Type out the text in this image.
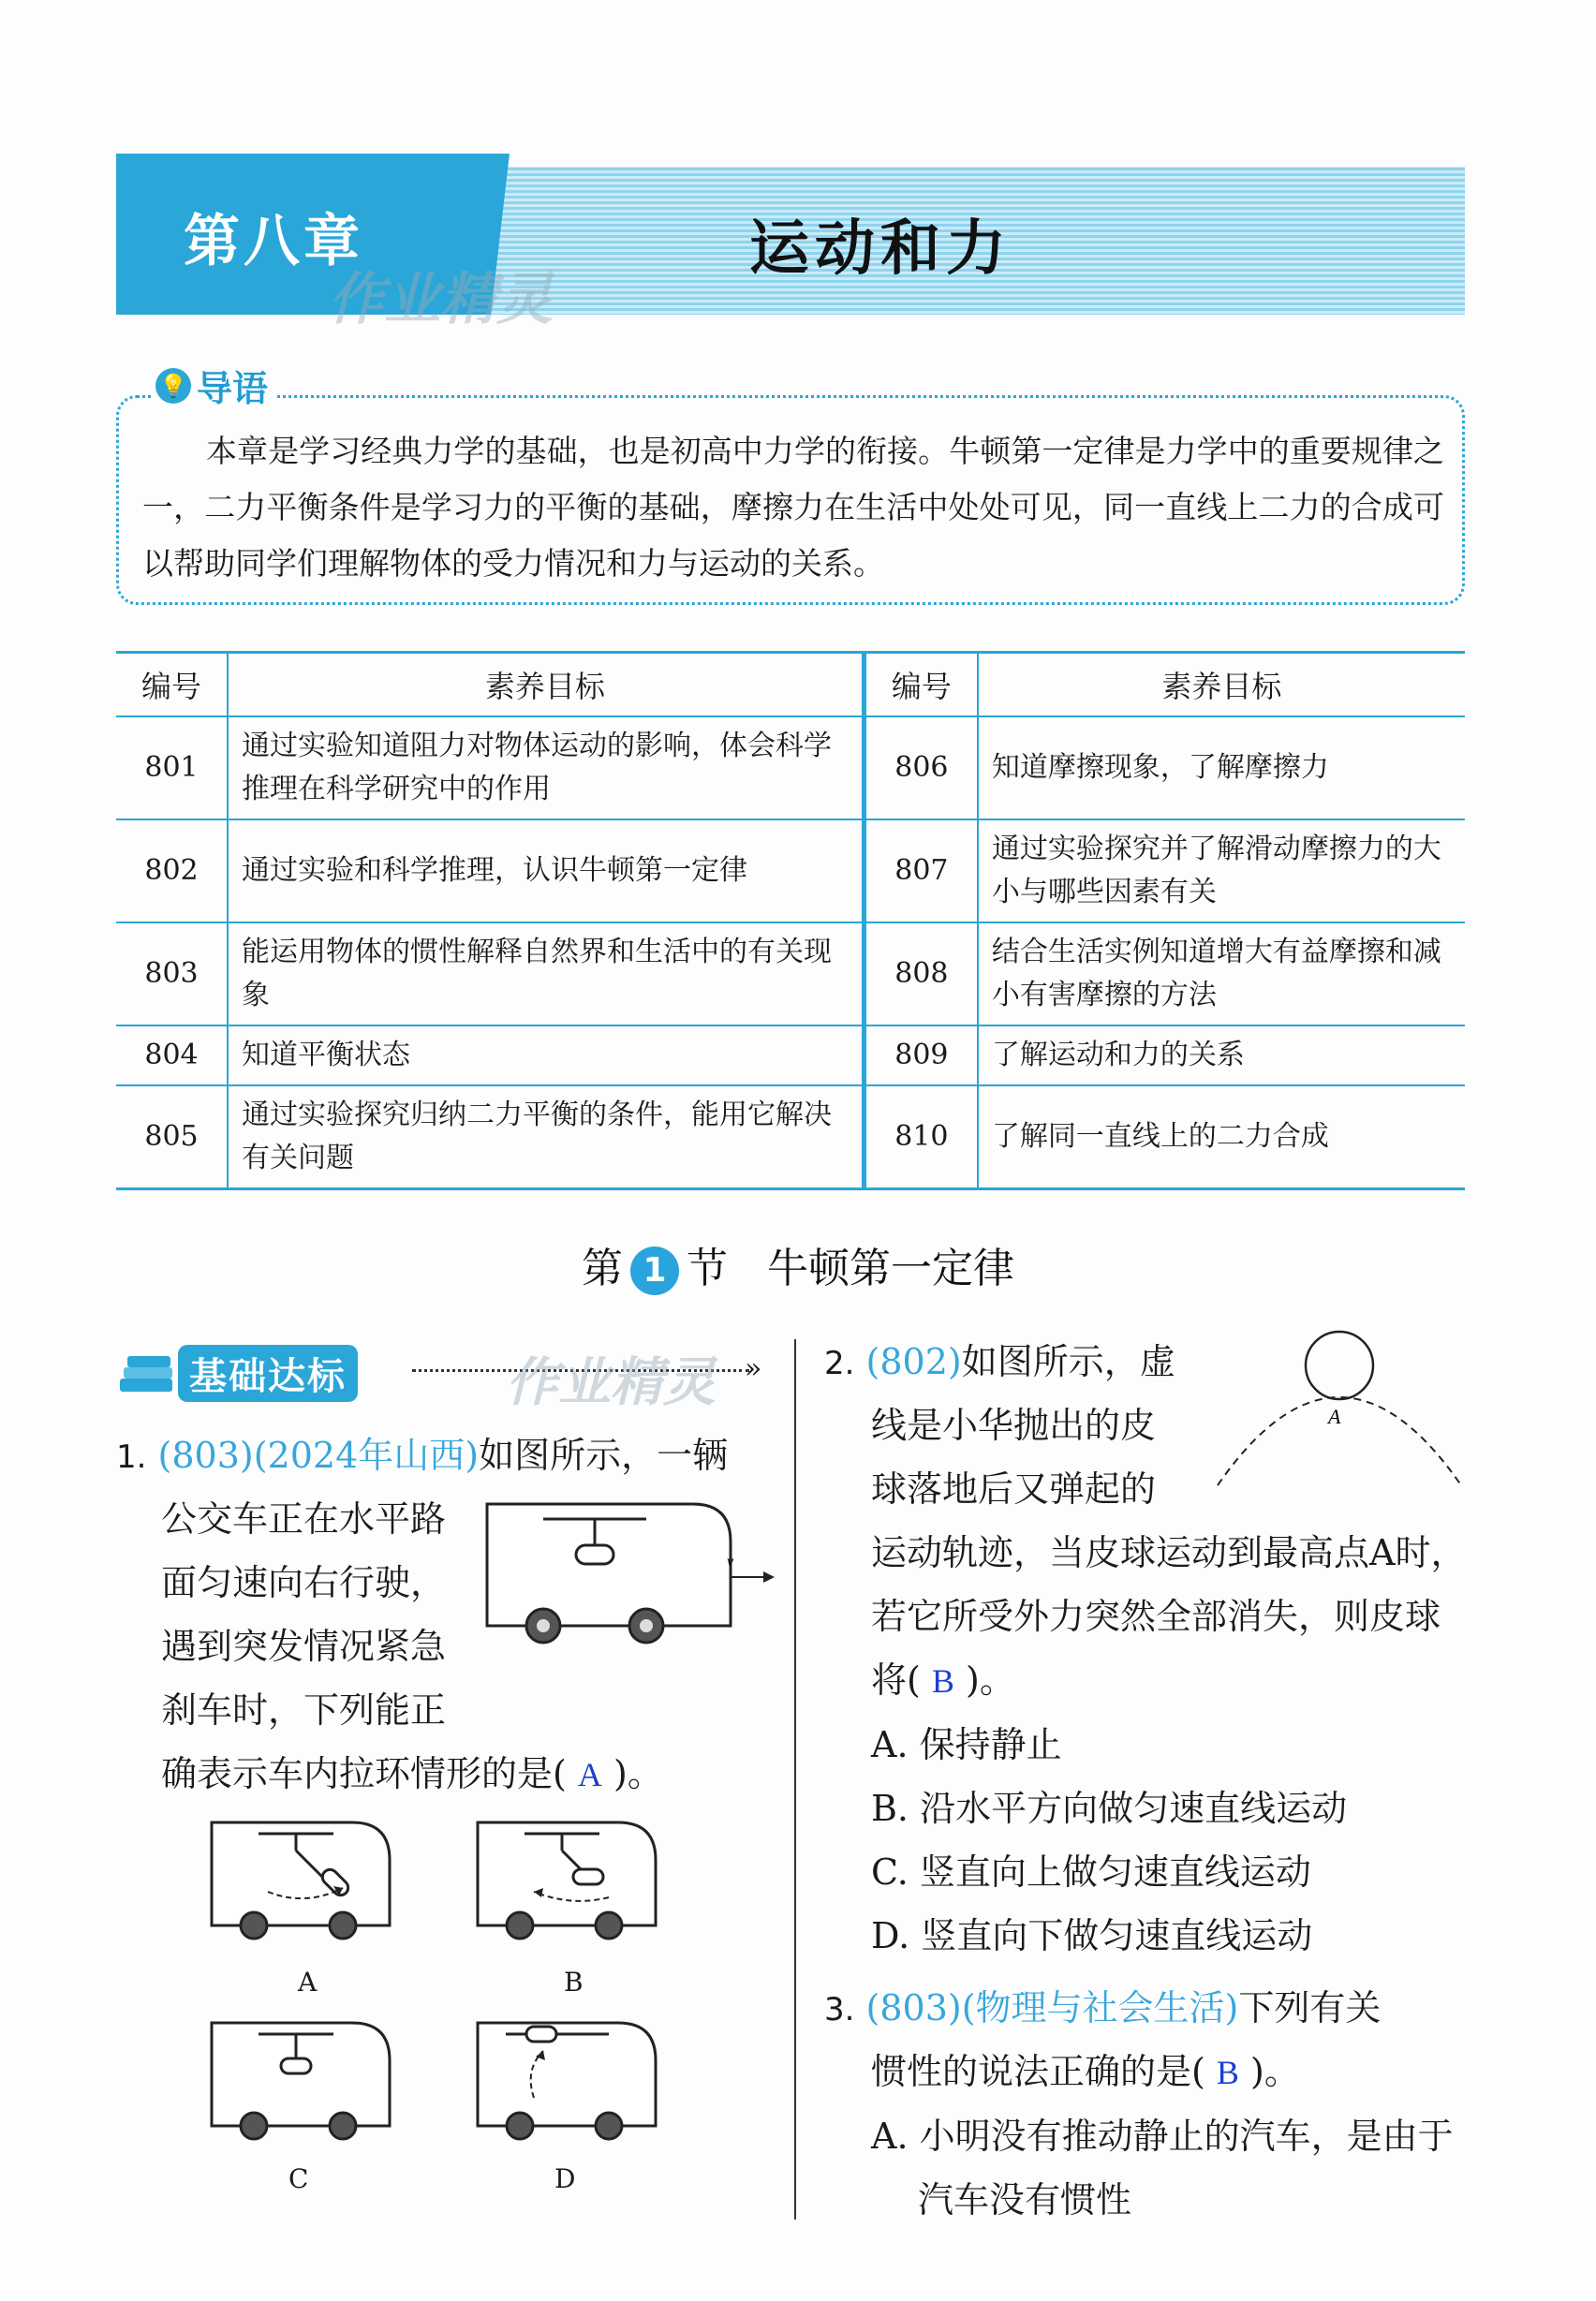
第八章	运动和力
作业精灵
💡 导语
本章是学习经典力学的基础，也是初高中力学的衔接。牛顿第一定律是力学中的重要规律之一，二力平衡条件是学习力的平衡的基础，摩擦力在生活中处处可见，同一直线上二力的合成可以帮助同学们理解物体的受力情况和力与运动的关系。
编号	素养目标	编号	素养目标
801	通过实验知道阻力对物体运动的影响，体会科学推理在科学研究中的作用	806	知道摩擦现象，了解摩擦力
802	通过实验和科学推理，认识牛顿第一定律	807	通过实验探究并了解滑动摩擦力的大小与哪些因素有关
803	能运用物体的惯性解释自然界和生活中的有关现象	808	结合生活实例知道增大有益摩擦和减小有害摩擦的方法
804	知道平衡状态	809	了解运动和力的关系
805	通过实验探究归纳二力平衡的条件，能用它解决有关问题	810	了解同一直线上的二力合成
第 1 节 牛顿第一定律
基础达标	»
作业精灵
1. (803)(2024年山西)如图所示，一辆
公交车正在水平路
面匀速向右行驶，
遇到突发情况紧急
刹车时，下列能正
确表示车内拉环情形的是( A )。
v
A	B
C	D
2. (802)如图所示，虚
线是小华抛出的皮
球落地后又弹起的
A
运动轨迹，当皮球运动到最高点A时，
若它所受外力突然全部消失，则皮球
将( B )。
A. 保持静止
B. 沿水平方向做匀速直线运动
C. 竖直向上做匀速直线运动
D. 竖直向下做匀速直线运动
3. (803)(物理与社会生活)下列有关
惯性的说法正确的是( B )。
A. 小明没有推动静止的汽车，是由于
汽车没有惯性
